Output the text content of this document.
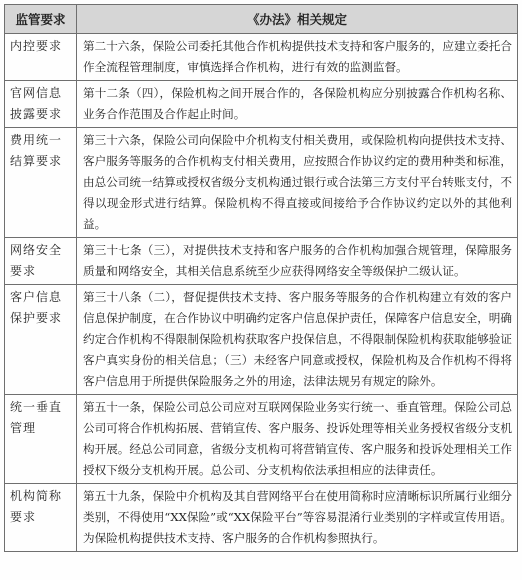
监管要求	《办法》相关规定
内控要求	第二十六条，保险公司委托其他合作机构提供技术支持和客户服务的，应建立委托合作全流程管理制度，审慎选择合作机构，进行有效的监测监督。
官网信息披露要求	第十二条（四），保险机构之间开展合作的，各保险机构应分别披露合作机构名称、业务合作范围及合作起止时间。
费用统一结算要求	第三十六条，保险公司向保险中介机构支付相关费用，或保险机构向提供技术支持、客户服务等服务的合作机构支付相关费用，应按照合作协议约定的费用种类和标准，由总公司统一结算或授权省级分支机构通过银行或合法第三方支付平台转账支付，不得以现金形式进行结算。保险机构不得直接或间接给予合作协议约定以外的其他利益。
网络安全要求	第三十七条（三），对提供技术支持和客户服务的合作机构加强合规管理，保障服务质量和网络安全，其相关信息系统至少应获得网络安全等级保护二级认证。
客户信息保护要求	第三十八条（二），督促提供技术支持、客户服务等服务的合作机构建立有效的客户信息保护制度，在合作协议中明确约定客户信息保护责任，保障客户信息安全，明确约定合作机构不得限制保险机构获取客户投保信息，不得限制保险机构获取能够验证客户真实身份的相关信息；（三）未经客户同意或授权，保险机构及合作机构不得将客户信息用于所提供保险服务之外的用途，法律法规另有规定的除外。
统一垂直管理	第五十一条，保险公司总公司应对互联网保险业务实行统一、垂直管理。保险公司总公司可将合作机构拓展、营销宣传、客户服务、投诉处理等相关业务授权省级分支机构开展。经总公司同意，省级分支机构可将营销宣传、客户服务和投诉处理相关工作授权下级分支机构开展。总公司、分支机构依法承担相应的法律责任。
机构简称要求	第五十九条，保险中介机构及其自营网络平台在使用简称时应清晰标识所属行业细分类别，不得使用“XX保险”或“XX保险平台”等容易混淆行业类别的字样或宣传用语。为保险机构提供技术支持、客户服务的合作机构参照执行。
